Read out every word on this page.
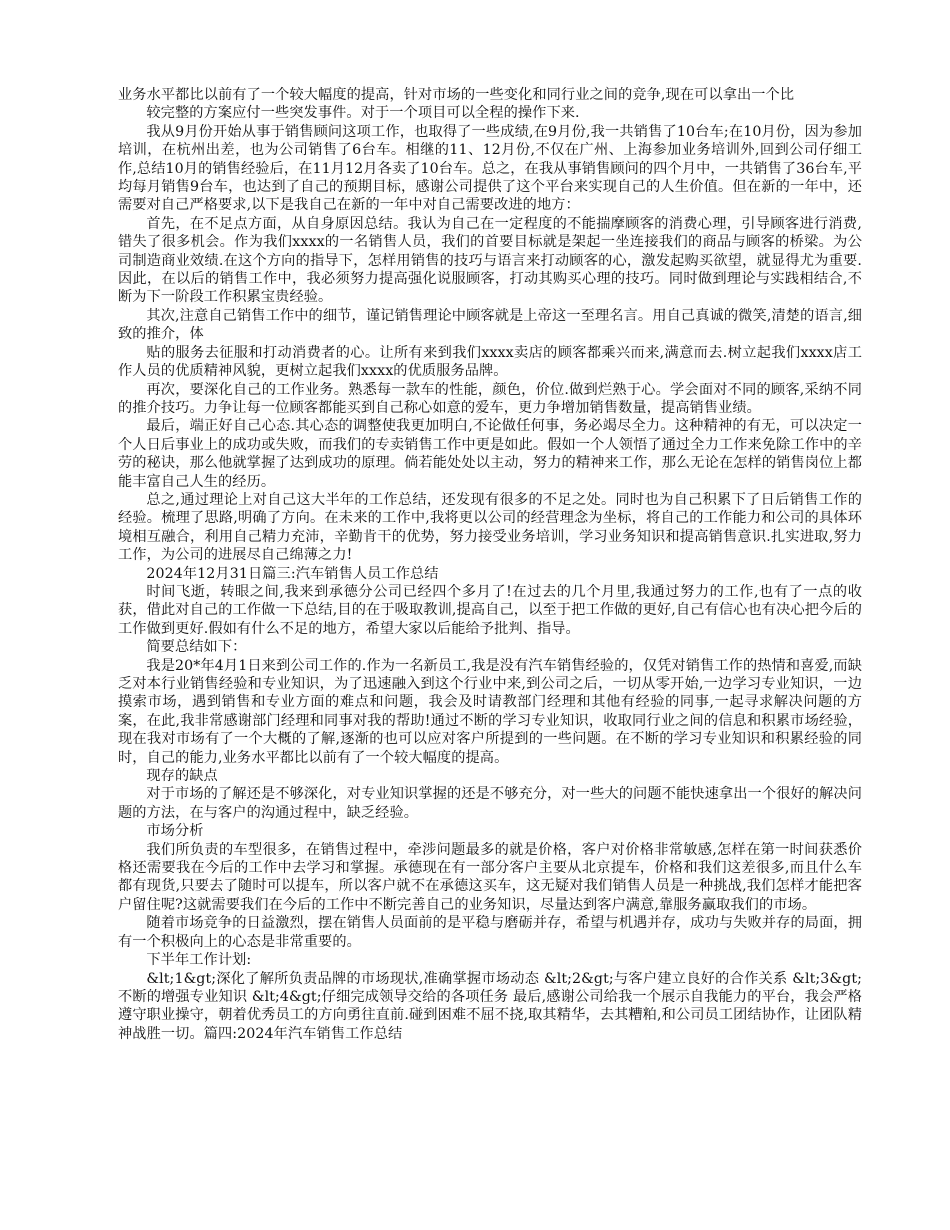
业务水平都比以前有了一个较大幅度的提高，针对市场的一些变化和同行业之间的竞争,现在可以拿出一个比

较完整的方案应付一些突发事件。对于一个项目可以全程的操作下来.

我从9月份开始从事于销售顾问这项工作，也取得了一些成绩,在9月份,我一共销售了10台车;在10月份，因为参加培训，在杭州出差，也为公司销售了6台车。相继的11、12月份,不仅在广州、上海参加业务培训外,回到公司仔细工作,总结10月的销售经验后，在11月12月各卖了10台车。总之，在我从事销售顾问的四个月中，一共销售了36台车,平均每月销售9台车，也达到了自己的预期目标，感谢公司提供了这个平台来实现自己的人生价值。但在新的一年中，还需要对自己严格要求,以下是我自己在新的一年中对自己需要改进的地方：

首先，在不足点方面，从自身原因总结。我认为自己在一定程度的不能揣摩顾客的消费心理，引导顾客进行消费,错失了很多机会。作为我们xxxx的一名销售人员，我们的首要目标就是架起一坐连接我们的商品与顾客的桥梁。为公司制造商业效绩.在这个方向的指导下，怎样用销售的技巧与语言来打动顾客的心，激发起购买欲望，就显得尤为重要.因此，在以后的销售工作中，我必须努力提高强化说服顾客，打动其购买心理的技巧。同时做到理论与实践相结合,不断为下一阶段工作积累宝贵经验。

其次,注意自己销售工作中的细节，谨记销售理论中顾客就是上帝这一至理名言。用自己真诚的微笑,清楚的语言,细致的推介，体

贴的服务去征服和打动消费者的心。让所有来到我们xxxx卖店的顾客都乘兴而来,满意而去.树立起我们xxxx店工作人员的优质精神风貌，更树立起我们xxxx的优质服务品牌。

再次，要深化自己的工作业务。熟悉每一款车的性能，颜色，价位.做到烂熟于心。学会面对不同的顾客,采纳不同的推介技巧。力争让每一位顾客都能买到自己称心如意的爱车，更力争增加销售数量，提高销售业绩。

最后，端正好自己心态.其心态的调整使我更加明白,不论做任何事，务必竭尽全力。这种精神的有无，可以决定一个人日后事业上的成功或失败，而我们的专卖销售工作中更是如此。假如一个人领悟了通过全力工作来免除工作中的辛劳的秘诀，那么他就掌握了达到成功的原理。倘若能处处以主动，努力的精神来工作，那么无论在怎样的销售岗位上都能丰富自己人生的经历。

总之,通过理论上对自己这大半年的工作总结，还发现有很多的不足之处。同时也为自己积累下了日后销售工作的经验。梳理了思路,明确了方向。在未来的工作中,我将更以公司的经营理念为坐标，将自己的工作能力和公司的具体环境相互融合，利用自己精力充沛，辛勤肯干的优势，努力接受业务培训，学习业务知识和提高销售意识.扎实进取,努力工作，为公司的进展尽自己绵薄之力!

2024年12月31日篇三:汽车销售人员工作总结

时间飞逝，转眼之间,我来到承德分公司已经四个多月了!在过去的几个月里,我通过努力的工作,也有了一点的收获，借此对自己的工作做一下总结,目的在于吸取教训,提高自己，以至于把工作做的更好,自己有信心也有决心把今后的工作做到更好.假如有什么不足的地方，希望大家以后能给予批判、指导。

简要总结如下：

我是20*年4月1日来到公司工作的.作为一名新员工,我是没有汽车销售经验的，仅凭对销售工作的热情和喜爱,而缺乏对本行业销售经验和专业知识，为了迅速融入到这个行业中来,到公司之后，一切从零开始,一边学习专业知识，一边摸索市场，遇到销售和专业方面的难点和问题，我会及时请教部门经理和其他有经验的同事,一起寻求解决问题的方案，在此,我非常感谢部门经理和同事对我的帮助!通过不断的学习专业知识，收取同行业之间的信息和积累市场经验，现在我对市场有了一个大概的了解,逐渐的也可以应对客户所提到的一些问题。在不断的学习专业知识和积累经验的同时，自己的能力,业务水平都比以前有了一个较大幅度的提高。

现存的缺点

对于市场的了解还是不够深化，对专业知识掌握的还是不够充分，对一些大的问题不能快速拿出一个很好的解决问题的方法，在与客户的沟通过程中，缺乏经验。

市场分析

我们所负责的车型很多，在销售过程中，牵涉问题最多的就是价格，客户对价格非常敏感,怎样在第一时间获悉价格还需要我在今后的工作中去学习和掌握。承德现在有一部分客户主要从北京提车，价格和我们这差很多,而且什么车都有现货,只要去了随时可以提车，所以客户就不在承德这买车，这无疑对我们销售人员是一种挑战,我们怎样才能把客户留住呢?这就需要我们在今后的工作中不断完善自己的业务知识，尽量达到客户满意,靠服务赢取我们的市场。

随着市场竞争的日益激烈，摆在销售人员面前的是平稳与磨砺并存，希望与机遇并存，成功与失败并存的局面，拥有一个积极向上的心态是非常重要的。

下半年工作计划:

&lt;1&gt;深化了解所负责品牌的市场现状,准确掌握市场动态 &lt;2&gt;与客户建立良好的合作关系 &lt;3&gt;不断的增强专业知识 &lt;4&gt;仔细完成领导交给的各项任务 最后,感谢公司给我一个展示自我能力的平台，我会严格遵守职业操守，朝着优秀员工的方向勇往直前.碰到困难不屈不挠,取其精华，去其糟粕,和公司员工团结协作，让团队精神战胜一切。篇四:2024年汽车销售工作总结
